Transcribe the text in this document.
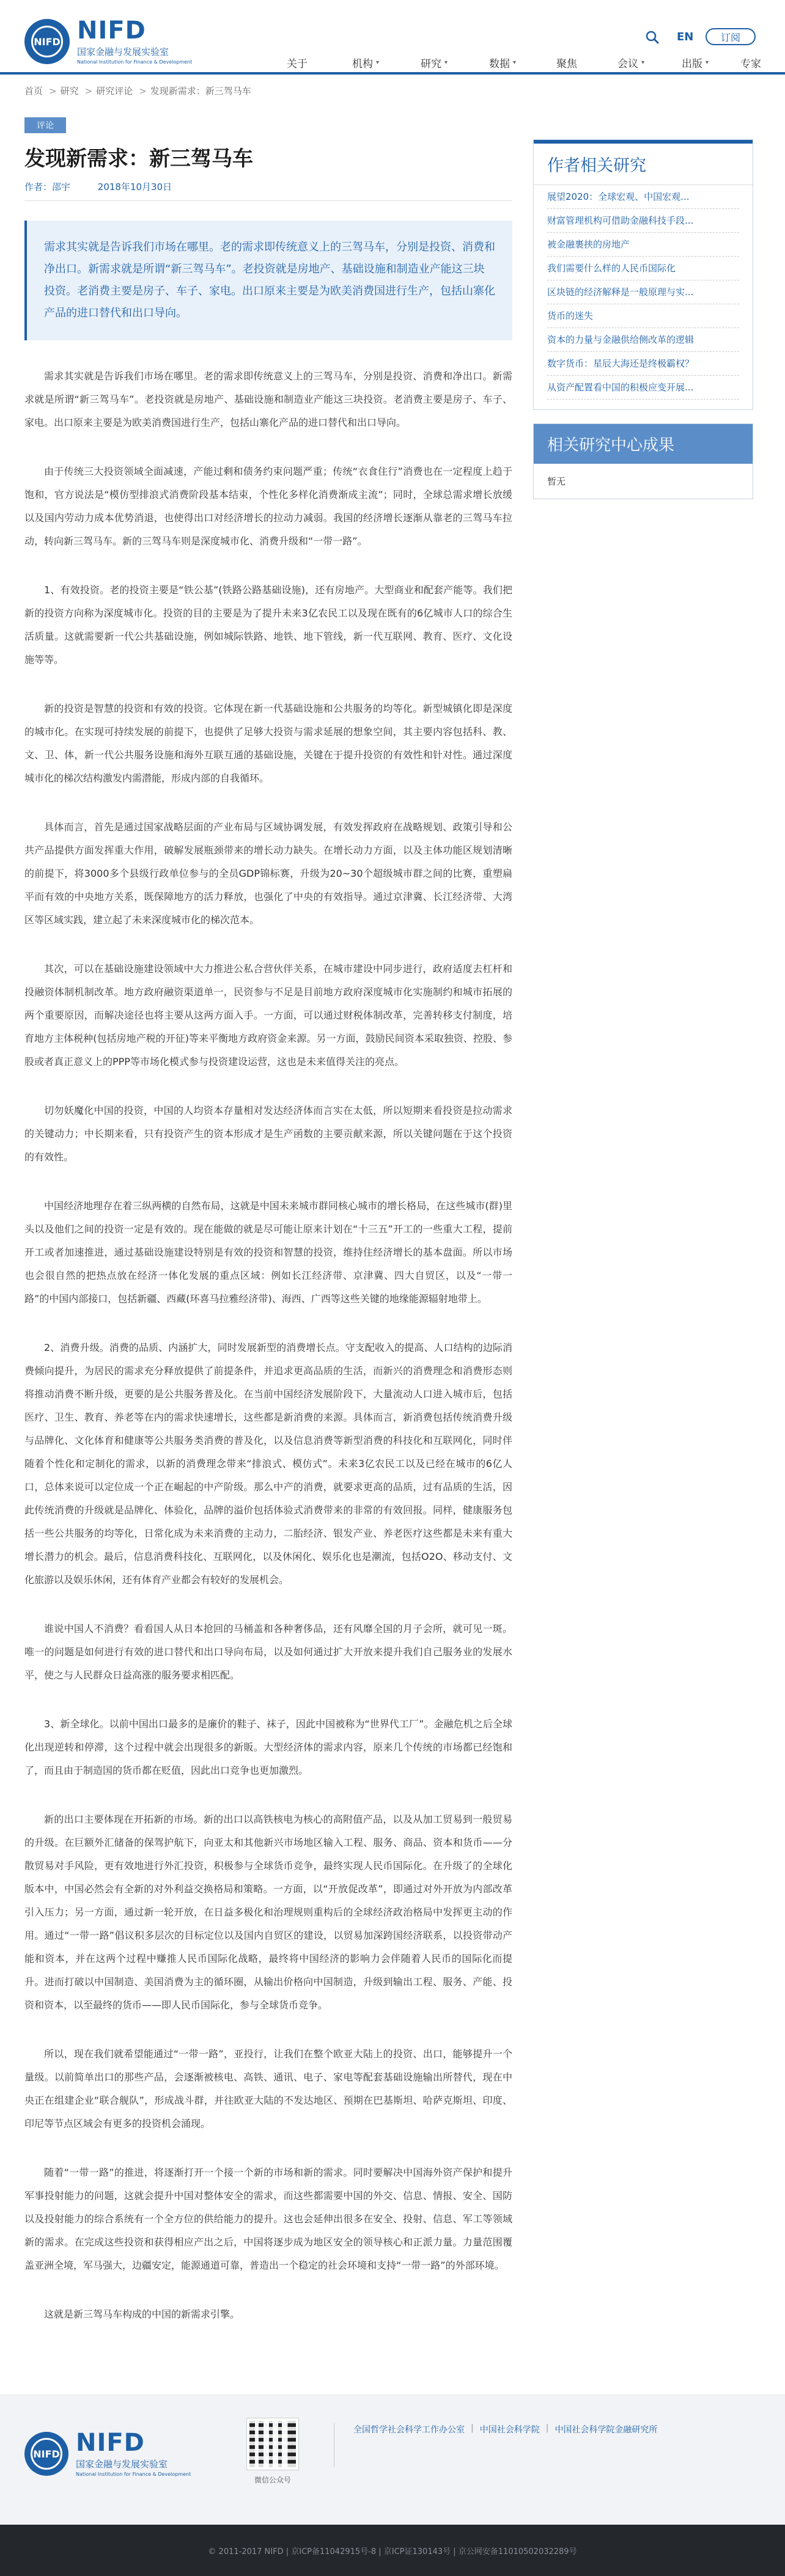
NIFD NIFD
国家金融与发展实验室
National Institution for Finance & Development
EN	订阅
关于	机构 ▾	研究 ▾	数据 ▾	聚焦	会议 ▾	出版 ▾	专家
首页 > 研究 > 研究评论 > 发现新需求：新三驾马车
评论
发现新需求：新三驾马车
作者：邵宇	2018年10月30日
需求其实就是告诉我们市场在哪里。老的需求即传统意义上的三驾马车，分别是投资、消费和净出口。新需求就是所谓“新三驾马车”。老投资就是房地产、基础设施和制造业产能这三块投资。老消费主要是房子、车子、家电。出口原来主要是为欧美消费国进行生产，包括山寨化产品的进口替代和出口导向。

需求其实就是告诉我们市场在哪里。老的需求即传统意义上的三驾马车，分别是投资、消费和净出口。新需求就是所谓“新三驾马车”。老投资就是房地产、基础设施和制造业产能这三块投资。老消费主要是房子、车子、家电。出口原来主要是为欧美消费国进行生产，包括山寨化产品的进口替代和出口导向。

由于传统三大投资领域全面减速，产能过剩和债务约束问题严重；传统“衣食住行”消费也在一定程度上趋于饱和，官方说法是“模仿型排浪式消费阶段基本结束，个性化多样化消费渐成主流”；同时，全球总需求增长放缓以及国内劳动力成本优势消退，也使得出口对经济增长的拉动力减弱。我国的经济增长逐渐从靠老的三驾马车拉动，转向新三驾马车。新的三驾马车则是深度城市化、消费升级和“一带一路”。

1、有效投资。老的投资主要是“铁公基”(铁路公路基础设施)，还有房地产。大型商业和配套产能等。我们把新的投资方向称为深度城市化。投资的目的主要是为了提升未来3亿农民工以及现在既有的6亿城市人口的综合生活质量。这就需要新一代公共基础设施，例如城际铁路、地铁、地下管线，新一代互联网、教育、医疗、文化设施等等。

新的投资是智慧的投资和有效的投资。它体现在新一代基础设施和公共服务的均等化。新型城镇化即是深度的城市化。在实现可持续发展的前提下，也提供了足够大投资与需求延展的想象空间，其主要内容包括科、教、文、卫、体，新一代公共服务设施和海外互联互通的基础设施，关键在于提升投资的有效性和针对性。通过深度城市化的梯次结构激发内需潜能，形成内部的自我循环。

具体而言，首先是通过国家战略层面的产业布局与区域协调发展，有效发挥政府在战略规划、政策引导和公共产品提供方面发挥重大作用，破解发展瓶颈带来的增长动力缺失。在增长动力方面，以及主体功能区规划清晰的前提下，将3000多个县级行政单位参与的全员GDP锦标赛，升级为20~30个超级城市群之间的比赛，重塑扁平而有效的中央地方关系，既保障地方的活力释放，也强化了中央的有效指导。通过京津冀、长江经济带、大湾区等区域实践，建立起了未来深度城市化的梯次范本。

其次，可以在基础设施建设领域中大力推进公私合营伙伴关系，在城市建设中同步进行，政府适度去杠杆和投融资体制机制改革。地方政府融资渠道单一，民资参与不足是目前地方政府深度城市化实施制约和城市拓展的两个重要原因，而解决途径也将主要从这两方面入手。一方面，可以通过财税体制改革，完善转移支付制度，培育地方主体税种(包括房地产税的开征)等来平衡地方政府资金来源。另一方面，鼓励民间资本采取独资、控股、参股或者真正意义上的PPP等市场化模式参与投资建设运营，这也是未来值得关注的亮点。

切勿妖魔化中国的投资，中国的人均资本存量相对发达经济体而言实在太低，所以短期来看投资是拉动需求的关键动力；中长期来看，只有投资产生的资本形成才是生产函数的主要贡献来源，所以关键问题在于这个投资的有效性。

中国经济地理存在着三纵两横的自然布局，这就是中国未来城市群同核心城市的增长格局，在这些城市(群)里头以及他们之间的投资一定是有效的。现在能做的就是尽可能让原来计划在“十三五”开工的一些重大工程，提前开工或者加速推进，通过基础设施建设特别是有效的投资和智慧的投资，维持住经济增长的基本盘面。所以市场也会很自然的把热点放在经济一体化发展的重点区域：例如长江经济带、京津冀、四大自贸区，以及“一带一路”的中国内部接口，包括新疆、西藏(环喜马拉雅经济带)、海西、广西等这些关键的地缘能源辐射地带上。

2、消费升级。消费的品质、内涵扩大，同时发展新型的消费增长点。守支配收入的提高、人口结构的边际消费倾向提升，为居民的需求充分释放提供了前提条件，并追求更高品质的生活，而新兴的消费理念和消费形态则将推动消费不断升级，更要的是公共服务普及化。在当前中国经济发展阶段下，大量流动人口进入城市后，包括医疗、卫生、教育、养老等在内的需求快速增长，这些都是新消费的来源。具体而言，新消费包括传统消费升级与品牌化、文化体育和健康等公共服务类消费的普及化，以及信息消费等新型消费的科技化和互联网化，同时伴随着个性化和定制化的需求，以新的消费理念带来“排浪式、模仿式”。未来3亿农民工以及已经在城市的6亿人口，总体来说可以定位成一个正在崛起的中产阶级。那么中产的消费，就要求更高的品质，过有品质的生活，因此传统消费的升级就是品牌化、体验化，品牌的溢价包括体验式消费带来的非常的有效回报。同样，健康服务包括一些公共服务的均等化，日常化成为未来消费的主动力，二胎经济、银发产业、养老医疗这些都是未来有重大增长潜力的机会。最后，信息消费科技化、互联网化，以及休闲化、娱乐化也是潮流，包括O2O、移动支付、文化旅游以及娱乐休闲，还有体育产业都会有较好的发展机会。

谁说中国人不消费？看看国人从日本抢回的马桶盖和各种奢侈品，还有风靡全国的月子会所，就可见一斑。唯一的问题是如何进行有效的进口替代和出口导向布局，以及如何通过扩大开放来提升我们自己服务业的发展水平，使之与人民群众日益高涨的服务要求相匹配。

3、新全球化。以前中国出口最多的是廉价的鞋子、袜子，因此中国被称为“世界代工厂”。金融危机之后全球化出现逆转和停滞，这个过程中就会出现很多的新販。大型经济体的需求内容，原来几个传统的市场都已经饱和了，而且由于制造国的货币都在贬值，因此出口竞争也更加激烈。

新的出口主要体现在开拓新的市场。新的出口以高铁核电为核心的高附值产品，以及从加工贸易到一般贸易的升级。在巨额外汇储备的保驾护航下，向亚太和其他新兴市场地区输入工程、服务、商品、资本和货币——分散贸易对手风险，更有效地进行外汇投资，积极参与全球货币竞争，最终实现人民币国际化。在升级了的全球化版本中，中国必然会有全新的对外利益交换格局和策略。一方面，以“开放促改革”，即通过对外开放为内部改革引入压力；另一方面，通过新一轮开放，在日益多极化和治理规则重构后的全球经济政治格局中发挥更主动的作用。通过“一带一路”倡议积多层次的目标定位以及国内自贸区的建设，以贸易加深跨国经济联系，以投资带动产能和资本，并在这两个过程中赚推人民币国际化战略，最终将中国经济的影响力会伴随着人民币的国际化而提升。进而打破以中国制造、美国消费为主的循环圈，从输出价格向中国制造，升级到输出工程、服务、产能、投资和资本，以至最终的货币——即人民币国际化，参与全球货币竞争。

所以，现在我们就希望能通过“一带一路”，亚投行，让我们在整个欧亚大陆上的投资、出口，能够提升一个量级。以前简单出口的那些产品，会逐渐被核电、高铁、通讯、电子、家电等配套基础设施输出所替代，现在中央正在组建企业“联合舰队”，形成战斗群，并往欧亚大陆的不发达地区、预期在巴基斯坦、哈萨克斯坦、印度、印尼等节点区域会有更多的投资机会涌现。

随着“一带一路”的推进，将逐渐打开一个接一个新的市场和新的需求。同时要解决中国海外资产保护和提升军事投射能力的问题，这就会提升中国对整体安全的需求，而这些都需要中国的外交、信息、情报、安全、国防以及投射能力的综合系统有一个全方位的供给能力的提升。这也会延伸出很多在安全、投射、信息、军工等领域新的需求。在完成这些投资和获得相应产出之后，中国将逐步成为地区安全的领导核心和正派力量。力量范围覆盖亚洲全境，军马强大，边疆安定，能源通道可靠，普造出一个稳定的社会环境和支持“一带一路”的外部环境。

这就是新三驾马车构成的中国的新需求引擎。

作者相关研究
展望2020：全球宏观、中国宏观...
财富管理机构可借助金融科技手段...
被金融裹挟的房地产
我们需要什么样的人民币国际化
区块链的经济解释是一般原理与实...
货币的迷失
资本的力量与金融供给侧改革的逻辑
数字货币：星辰大海还是终极霸权？
从资产配置看中国的积极应变开展...
相关研究中心成果
暂无
NIFD NIFD
国家金融与发展实验室
National Institution for Finance & Development
微信公众号
全国哲学社会科学工作办公室 | 中国社会科学院 | 中国社会科学院金融研究所
© 2011-2017 NIFD | 京ICP备11042915号-8 | 京ICP证130143号 | 京公网安备11010502032289号
